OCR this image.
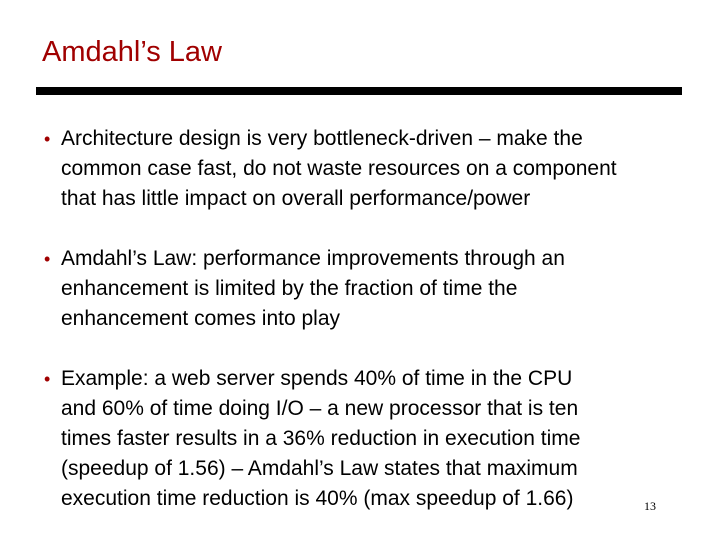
Amdahl’s Law
• Architecture design is very bottleneck-driven – make the
common case fast, do not waste resources on a component
that has little impact on overall performance/power
• Amdahl’s Law: performance improvements through an
enhancement is limited by the fraction of time the
enhancement comes into play
• Example: a web server spends 40% of time in the CPU
and 60% of time doing I/O – a new processor that is ten
times faster results in a 36% reduction in execution time
(speedup of 1.56) – Amdahl’s Law states that maximum
execution time reduction is 40% (max speedup of 1.66)	13
